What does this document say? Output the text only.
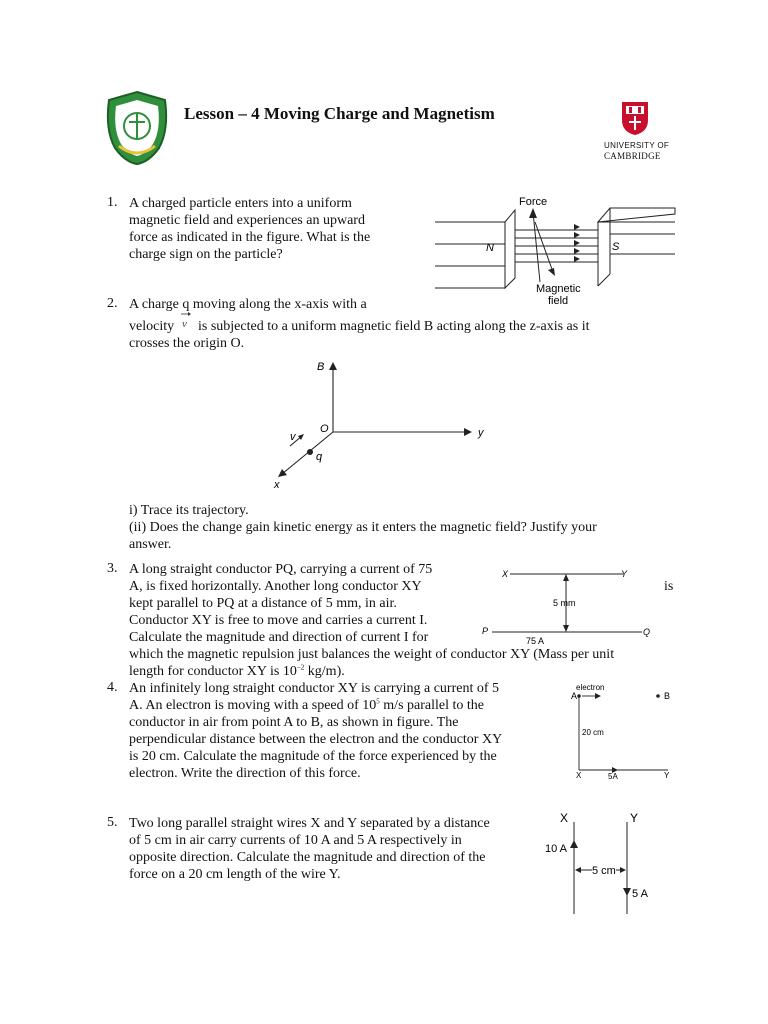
Lesson – 4 Moving Charge and Magnetism
UNIVERSITY OF
CAMBRIDGE
1. A charged particle enters into a uniform
magnetic field and experiences an upward
force as indicated in the figure. What is the
charge sign on the particle?
Force
N	S
Magnetic
field
2. A charge q moving along the x-axis with a
velocity v is subjected to a uniform magnetic field B acting along the z-axis as it
crosses the origin O.
B
O	y
x
q
v
i) Trace its trajectory.
(ii) Does the change gain kinetic energy as it enters the magnetic field? Justify your
answer.
3. A long straight conductor PQ, carrying a current of 75
A, is fixed horizontally. Another long conductor XY
kept parallel to PQ at a distance of 5 mm, in air.
Conductor XY is free to move and carries a current I.
Calculate the magnitude and direction of current I for
which the magnetic repulsion just balances the weight of conductor XY (Mass per unit
length for conductor XY is $10^{-2}$ kg/m).
is
X	Y
5 mm
P	Q
75 A
4. An infinitely long straight conductor XY is carrying a current of 5
A. An electron is moving with a speed of $10^5$ m/s parallel to the
conductor in air from point A to B, as shown in figure. The
perpendicular distance between the electron and the conductor XY
is 20 cm. Calculate the magnitude of the force experienced by the
electron. Write the direction of this force.
electron
A	B
20 cm
X	5A	Y
5. Two long parallel straight wires X and Y separated by a distance
of 5 cm in air carry currents of 10 A and 5 A respectively in
opposite direction. Calculate the magnitude and direction of the
force on a 20 cm length of the wire Y.
X	Y
10 A
5 cm
5 A
